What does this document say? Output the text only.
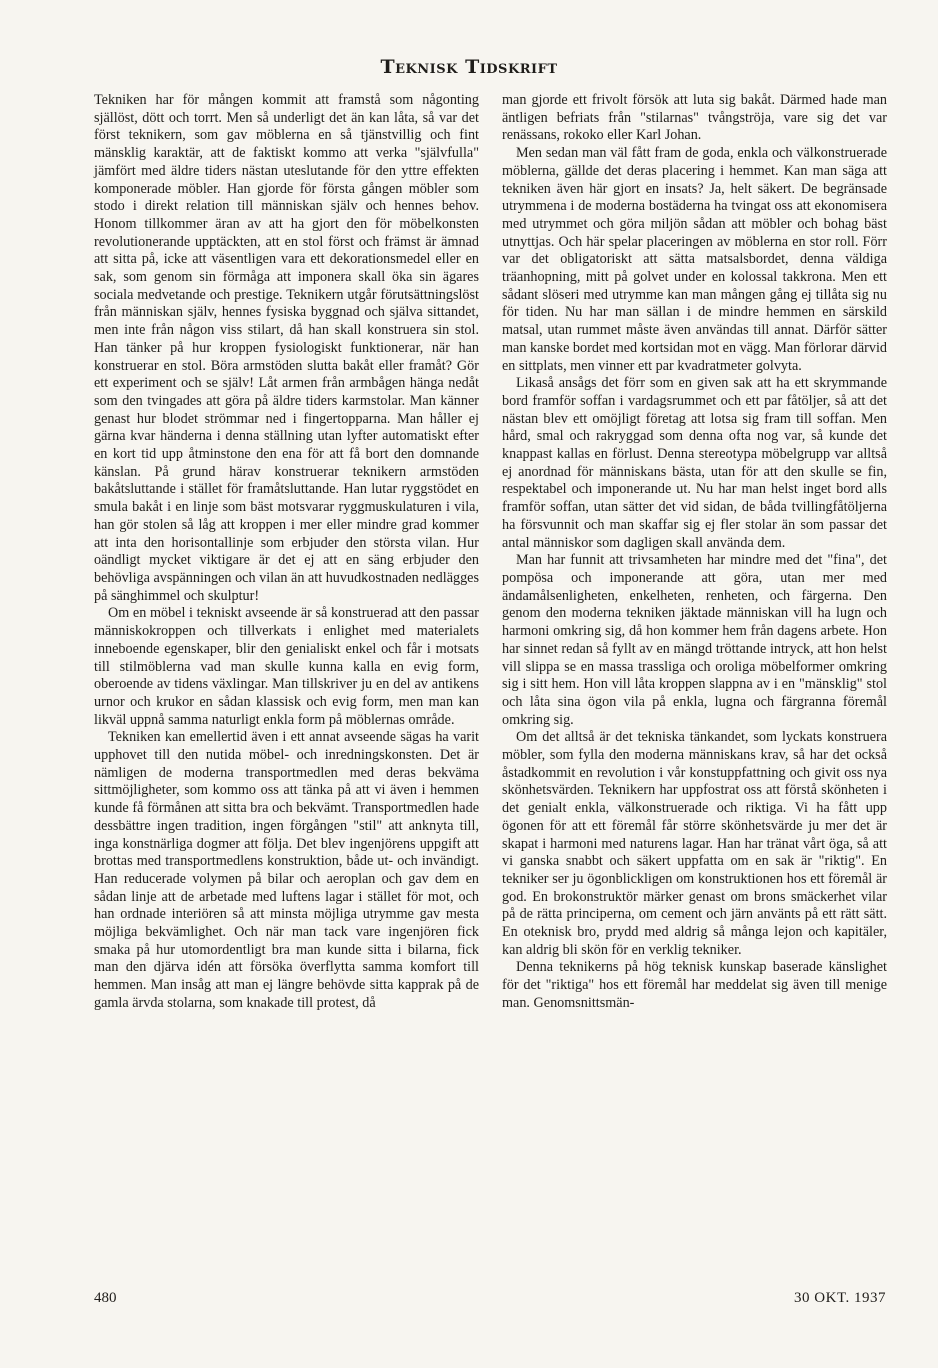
Teknisk Tidskrift

Tekniken har för mången kommit att framstå som någonting själlöst, dött och torrt. Men så underligt det än kan låta, så var det först teknikern, som gav möblerna en så tjänstvillig och fint mänsklig karaktär, att de faktiskt kommo att verka "självfulla" jämfört med äldre tiders nästan uteslutande för den yttre effekten komponerade möbler. Han gjorde för första gången möbler som stodo i direkt relation till människan själv och hennes behov. Honom tillkommer äran av att ha gjort den för möbelkonsten revolutionerande upptäckten, att en stol först och främst är ämnad att sitta på, icke att väsentligen vara ett dekorationsmedel eller en sak, som genom sin förmåga att imponera skall öka sin ägares sociala medvetande och prestige. Teknikern utgår förutsättningslöst från människan själv, hennes fysiska byggnad och själva sittandet, men inte från någon viss stilart, då han skall konstruera sin stol. Han tänker på hur kroppen fysiologiskt funktionerar, när han konstruerar en stol. Böra armstöden slutta bakåt eller framåt? Gör ett experiment och se själv! Låt armen från armbågen hänga nedåt som den tvingades att göra på äldre tiders karmstolar. Man känner genast hur blodet strömmar ned i fingertopparna. Man håller ej gärna kvar händerna i denna ställning utan lyfter automatiskt efter en kort tid upp åtminstone den ena för att få bort den domnande känslan. På grund härav konstruerar teknikern armstöden bakåtsluttande i stället för framåtsluttande. Han lutar ryggstödet en smula bakåt i en linje som bäst motsvarar ryggmuskulaturen i vila, han gör stolen så låg att kroppen i mer eller mindre grad kommer att inta den horisontallinje som erbjuder den största vilan. Hur oändligt mycket viktigare är det ej att en säng erbjuder den behövliga avspänningen och vilan än att huvudkostnaden nedlägges på sänghimmel och skulptur!

Om en möbel i tekniskt avseende är så konstruerad att den passar människokroppen och tillverkats i enlighet med materialets inneboende egenskaper, blir den genialiskt enkel och får i motsats till stilmöblerna vad man skulle kunna kalla en evig form, oberoende av tidens växlingar. Man tillskriver ju en del av antikens urnor och krukor en sådan klassisk och evig form, men man kan likväl uppnå samma naturligt enkla form på möblernas område.

Tekniken kan emellertid även i ett annat avseende sägas ha varit upphovet till den nutida möbel- och inredningskonsten. Det är nämligen de moderna transportmedlen med deras bekväma sittmöjligheter, som kommo oss att tänka på att vi även i hemmen kunde få förmånen att sitta bra och bekvämt. Transportmedlen hade dessbättre ingen tradition, ingen förgången "stil" att anknyta till, inga konstnärliga dogmer att följa. Det blev ingenjörens uppgift att brottas med transportmedlens konstruktion, både ut- och invändigt. Han reducerade volymen på bilar och aeroplan och gav dem en sådan linje att de arbetade med luftens lagar i stället för mot, och han ordnade interiören så att minsta möjliga utrymme gav mesta möjliga bekvämlighet. Och när man tack vare ingenjören fick smaka på hur utomordentligt bra man kunde sitta i bilarna, fick man den djärva idén att försöka överflytta samma komfort till hemmen. Man insåg att man ej längre behövde sitta kapprak på de gamla ärvda stolarna, som knakade till protest, då

man gjorde ett frivolt försök att luta sig bakåt. Därmed hade man äntligen befriats från "stilarnas" tvångströja, vare sig det var renässans, rokoko eller Karl Johan.

Men sedan man väl fått fram de goda, enkla och välkonstruerade möblerna, gällde det deras placering i hemmet. Kan man säga att tekniken även här gjort en insats? Ja, helt säkert. De begränsade utrymmena i de moderna bostäderna ha tvingat oss att ekonomisera med utrymmet och göra miljön sådan att möbler och bohag bäst utnyttjas. Och här spelar placeringen av möblerna en stor roll. Förr var det obligatoriskt att sätta matsalsbordet, denna väldiga träanhopning, mitt på golvet under en kolossal takkrona. Men ett sådant slöseri med utrymme kan man mången gång ej tillåta sig nu för tiden. Nu har man sällan i de mindre hemmen en särskild matsal, utan rummet måste även användas till annat. Därför sätter man kanske bordet med kortsidan mot en vägg. Man förlorar därvid en sittplats, men vinner ett par kvadratmeter golvyta.

Likaså ansågs det förr som en given sak att ha ett skrymmande bord framför soffan i vardagsrummet och ett par fåtöljer, så att det nästan blev ett omöjligt företag att lotsa sig fram till soffan. Men hård, smal och rakryggad som denna ofta nog var, så kunde det knappast kallas en förlust. Denna stereotypa möbelgrupp var alltså ej anordnad för människans bästa, utan för att den skulle se fin, respektabel och imponerande ut. Nu har man helst inget bord alls framför soffan, utan sätter det vid sidan, de båda tvillingfåtöljerna ha försvunnit och man skaffar sig ej fler stolar än som passar det antal människor som dagligen skall använda dem.

Man har funnit att trivsamheten har mindre med det "fina", det pompösa och imponerande att göra, utan mer med ändamålsenligheten, enkelheten, renheten, och färgerna. Den genom den moderna tekniken jäktade människan vill ha lugn och harmoni omkring sig, då hon kommer hem från dagens arbete. Hon har sinnet redan så fyllt av en mängd tröttande intryck, att hon helst vill slippa se en massa trassliga och oroliga möbelformer omkring sig i sitt hem. Hon vill låta kroppen slappna av i en "mänsklig" stol och låta sina ögon vila på enkla, lugna och färgranna föremål omkring sig.

Om det alltså är det tekniska tänkandet, som lyckats konstruera möbler, som fylla den moderna människans krav, så har det också åstadkommit en revolution i vår konstuppfattning och givit oss nya skönhetsvärden. Teknikern har uppfostrat oss att förstå skönheten i det genialt enkla, välkonstruerade och riktiga. Vi ha fått upp ögonen för att ett föremål får större skönhetsvärde ju mer det är skapat i harmoni med naturens lagar. Han har tränat vårt öga, så att vi ganska snabbt och säkert uppfatta om en sak är "riktig". En tekniker ser ju ögonblickligen om konstruktionen hos ett föremål är god. En brokonstruktör märker genast om brons smäckerhet vilar på de rätta principerna, om cement och järn använts på ett rätt sätt. En oteknisk bro, prydd med aldrig så många lejon och kapitäler, kan aldrig bli skön för en verklig tekniker.

Denna teknikerns på hög teknisk kunskap baserade känslighet för det "riktiga" hos ett föremål har meddelat sig även till menige man. Genomsnittsmän-

480	30 OKT. 1937
